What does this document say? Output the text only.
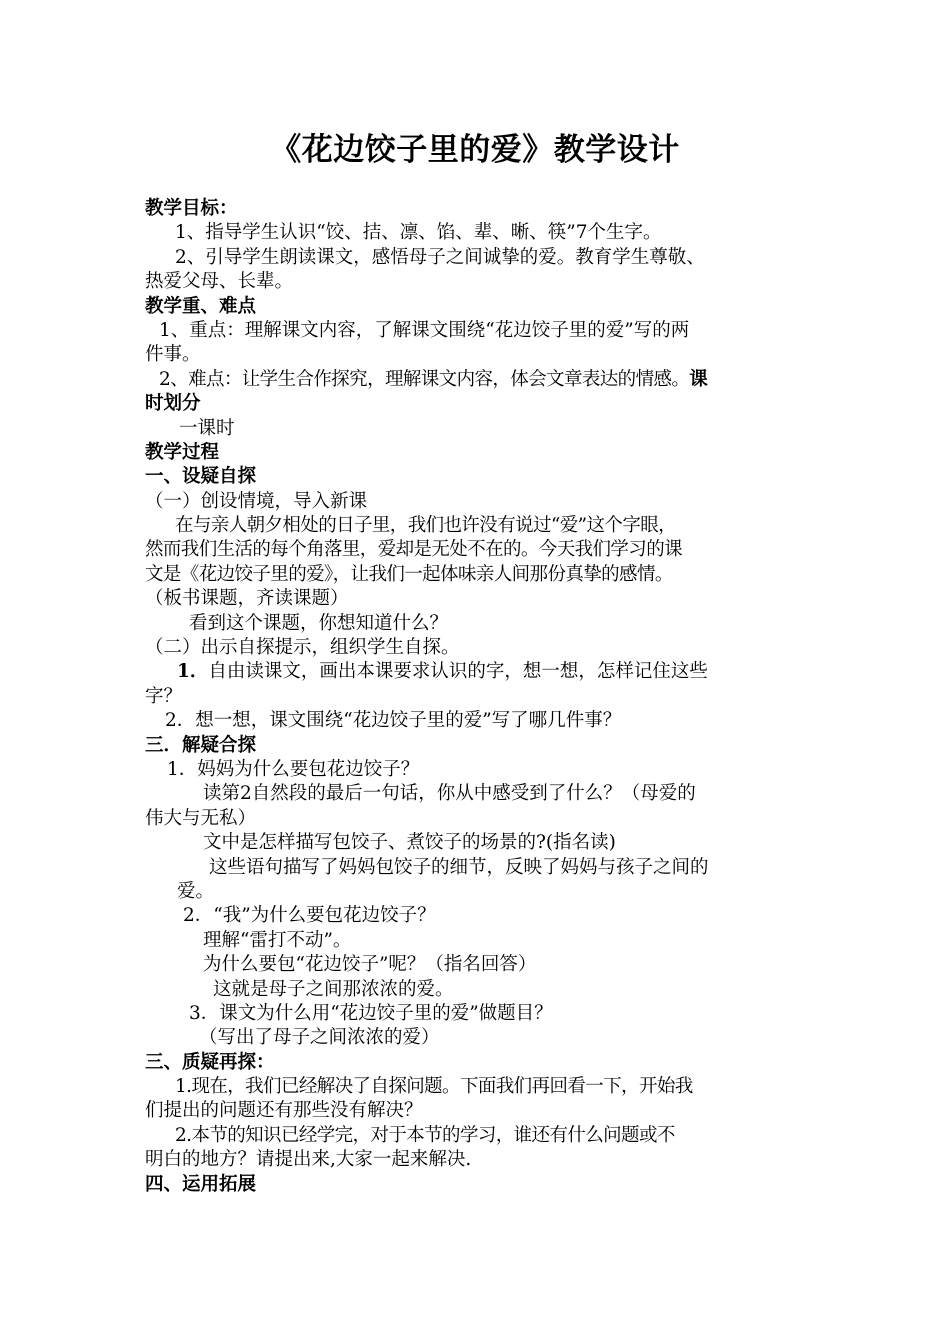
《花边饺子里的爱》教学设计
教学目标：
1、指导学生认识“饺、拮、凛、馅、辈、晰、筷”7个生字。
2、引导学生朗读课文，感悟母子之间诚挚的爱。教育学生尊敬、
热爱父母、长辈。
教学重、难点
1、重点：理解课文内容，了解课文围绕“花边饺子里的爱”写的两
件事。
2、难点：让学生合作探究，理解课文内容，体会文章表达的情感。课
时划分
一课时
教学过程
一、设疑自探
（一）创设情境，导入新课
在与亲人朝夕相处的日子里，我们也许没有说过“爱”这个字眼，
然而我们生活的每个角落里，爱却是无处不在的。今天我们学习的课
文是《花边饺子里的爱》，让我们一起体味亲人间那份真挚的感情。
（板书课题，齐读课题）
看到这个课题，你想知道什么？
（二）出示自探提示，组织学生自探。
1．自由读课文，画出本课要求认识的字，想一想，怎样记住这些
字？
2．想一想，课文围绕“花边饺子里的爱”写了哪几件事？
三．解疑合探
1．妈妈为什么要包花边饺子？
读第2自然段的最后一句话，你从中感受到了什么？（母爱的
伟大与无私）
文中是怎样描写包饺子、煮饺子的场景的?(指名读)
这些语句描写了妈妈包饺子的细节，反映了妈妈与孩子之间的
爱。
2．“我”为什么要包花边饺子？
理解“雷打不动”。
为什么要包“花边饺子”呢？（指名回答）
这就是母子之间那浓浓的爱。
3．课文为什么用“花边饺子里的爱”做题目？
（写出了母子之间浓浓的爱）
三、质疑再探：
1.现在，我们已经解决了自探问题。下面我们再回看一下，开始我
们提出的问题还有那些没有解决？
2.本节的知识已经学完，对于本节的学习，谁还有什么问题或不
明白的地方？请提出来,大家一起来解决.
四、运用拓展
